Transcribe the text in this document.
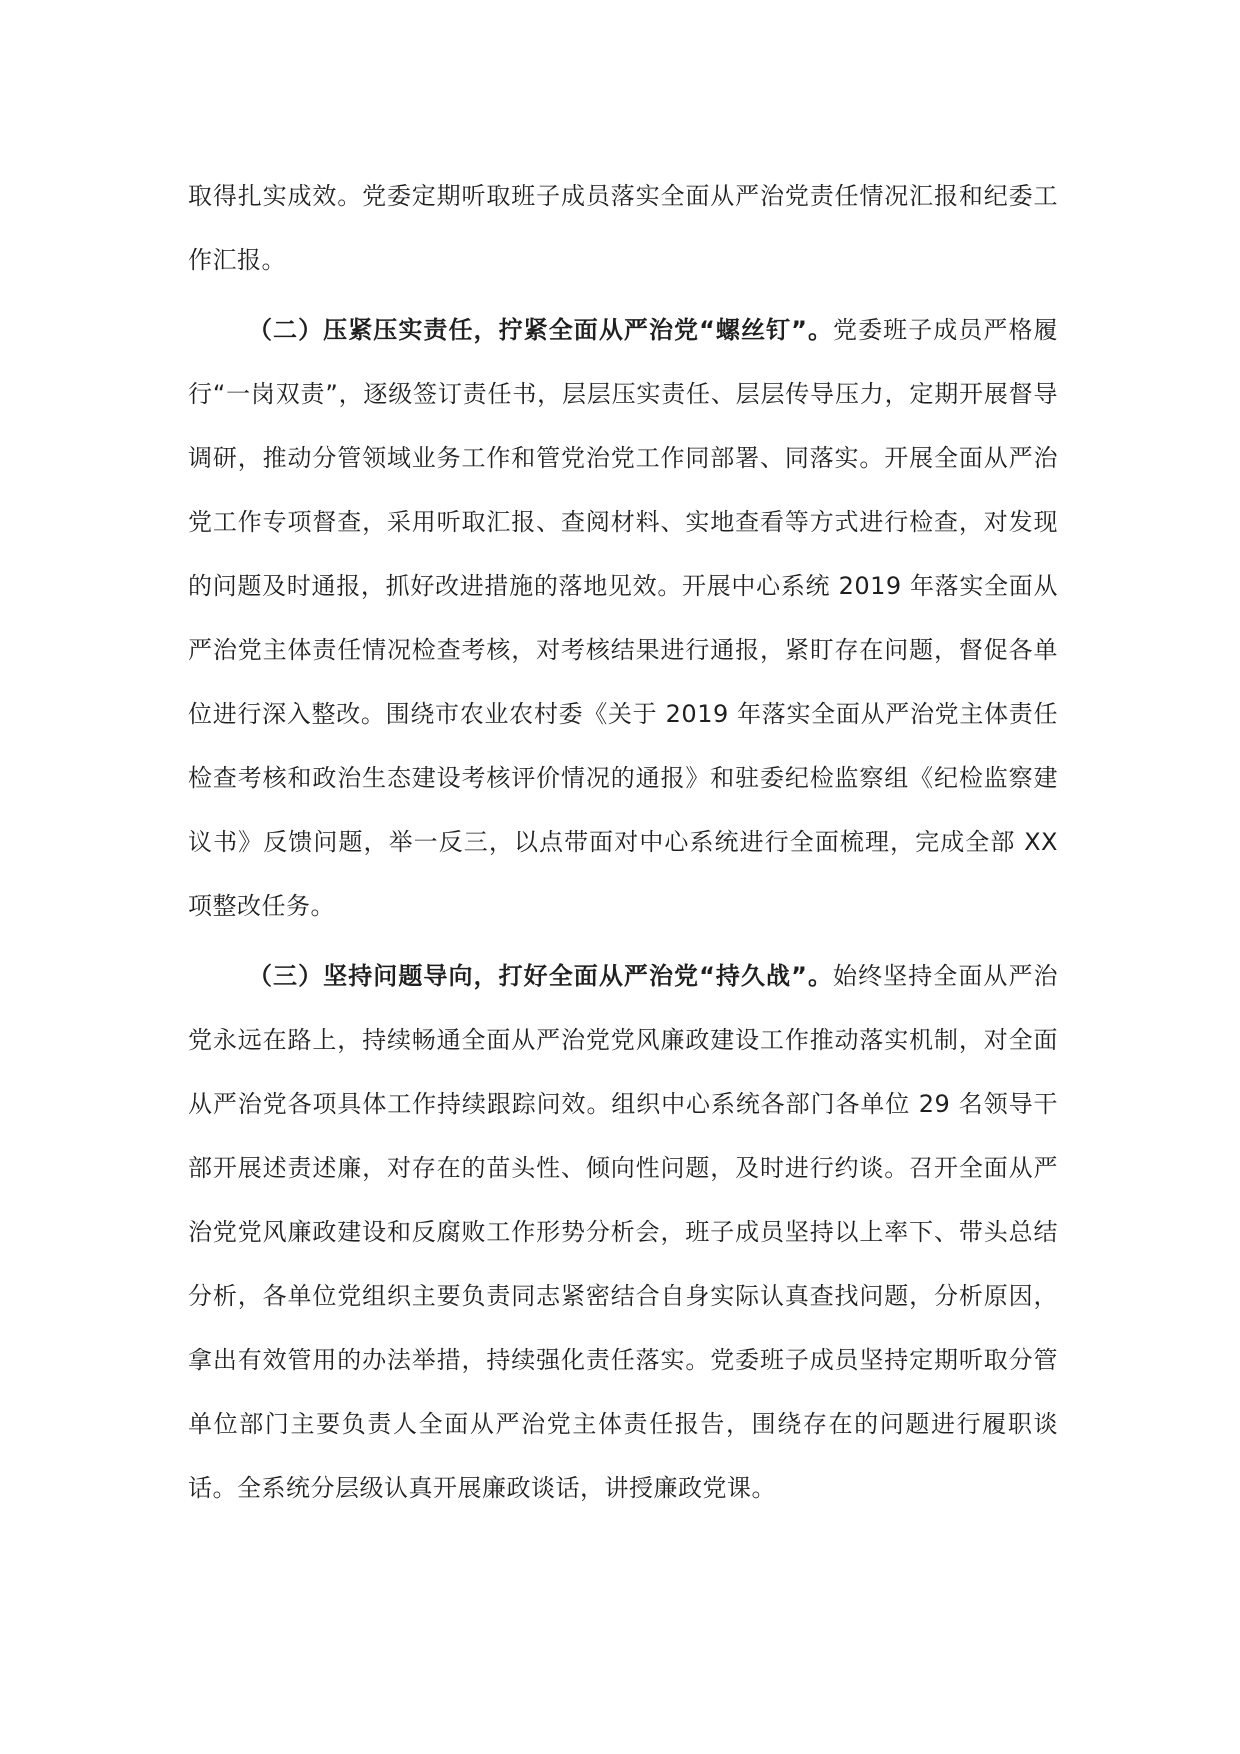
取得扎实成效。党委定期听取班子成员落实全面从严治党责任情况汇报和纪委工作汇报。

（二）压紧压实责任，拧紧全面从严治党“螺丝钉”。党委班子成员严格履行“一岗双责”，逐级签订责任书，层层压实责任、层层传导压力，定期开展督导调研，推动分管领域业务工作和管党治党工作同部署、同落实。开展全面从严治党工作专项督查，采用听取汇报、查阅材料、实地查看等方式进行检查，对发现的问题及时通报，抓好改进措施的落地见效。开展中心系统 2019 年落实全面从严治党主体责任情况检查考核，对考核结果进行通报，紧盯存在问题，督促各单位进行深入整改。围绕市农业农村委《关于 2019 年落实全面从严治党主体责任检查考核和政治生态建设考核评价情况的通报》和驻委纪检监察组《纪检监察建议书》反馈问题，举一反三，以点带面对中心系统进行全面梳理，完成全部 XX 项整改任务。

（三）坚持问题导向，打好全面从严治党“持久战”。始终坚持全面从严治党永远在路上，持续畅通全面从严治党党风廉政建设工作推动落实机制，对全面从严治党各项具体工作持续跟踪问效。组织中心系统各部门各单位 29 名领导干部开展述责述廉，对存在的苗头性、倾向性问题，及时进行约谈。召开全面从严治党党风廉政建设和反腐败工作形势分析会，班子成员坚持以上率下、带头总结分析，各单位党组织主要负责同志紧密结合自身实际认真查找问题，分析原因，拿出有效管用的办法举措，持续强化责任落实。党委班子成员坚持定期听取分管单位部门主要负责人全面从严治党主体责任报告，围绕存在的问题进行履职谈话。全系统分层级认真开展廉政谈话，讲授廉政党课。
